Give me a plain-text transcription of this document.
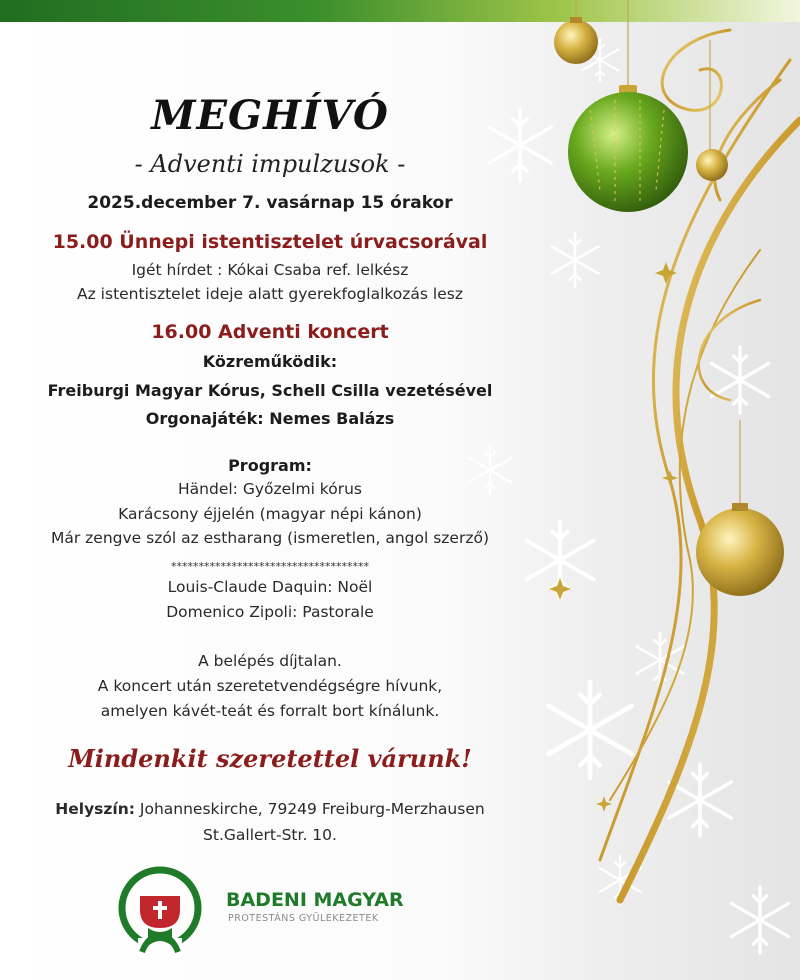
MEGHÍVÓ
- Adventi impulzusok -
2025.december 7. vasárnap 15 órakor
15.00 Ünnepi istentisztelet úrvacsorával
Igét hírdet : Kókai Csaba ref. lelkész
Az istentisztelet ideje alatt gyerekfoglalkozás lesz
16.00 Adventi koncert
Közreműködik:
Freiburgi Magyar Kórus, Schell Csilla vezetésével
Orgonajáték: Nemes Balázs
Program:
Händel: Győzelmi kórus
Karácsony éjjelén (magyar népi kánon)
Már zengve szól az estharang (ismeretlen, angol szerző)
************************************
Louis-Claude Daquin: Noël
Domenico Zipoli: Pastorale
A belépés díjtalan.
A koncert után szeretetvendégségre hívunk,
amelyen kávét-teát és forralt bort kínálunk.
Mindenkit szeretettel várunk!
Helyszín: Johanneskirche, 79249 Freiburg-Merzhausen
St.Gallert-Str. 10.
BADENI MAGYAR
PROTESTÁNS GYÜLEKEZETEK
